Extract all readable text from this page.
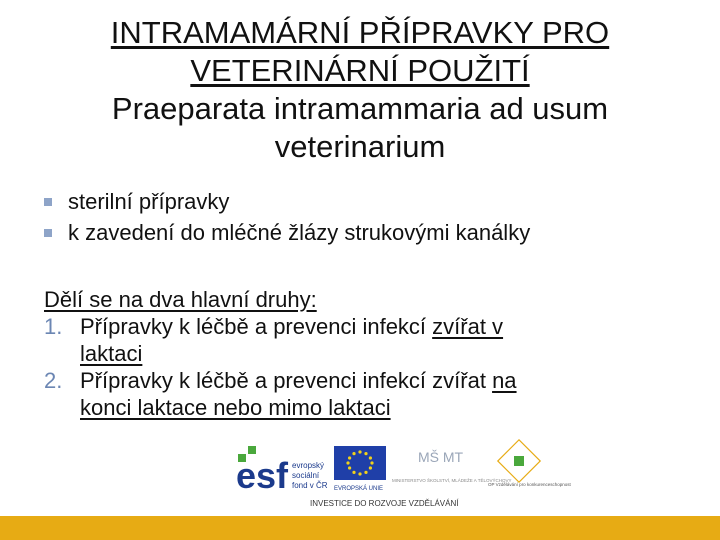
INTRAMAMÁRNÍ PŘÍPRAVKY PRO
VETERINÁRNÍ POUŽITÍ
Praeparata intramammaria ad usum
veterinarium
sterilní přípravky
k zavedení do mléčné žlázy strukovými kanálky
Dělí se na dva hlavní druhy:
1. Přípravky k léčbě a prevenci infekcí zvířat v
laktaci
2. Přípravky k léčbě a prevenci infekcí zvířat na
konci laktace nebo mimo laktaci
esf evropský
sociální
fond v ČR EVROPSKÁ UNIE
MŠ MT
MINISTERSTVO ŠKOLSTVÍ, MLÁDEŽE A TĚLOVÝCHOVY
OP Vzdělávání pro konkurenceschopnost
INVESTICE DO ROZVOJE VZDĚLÁVÁNÍ
